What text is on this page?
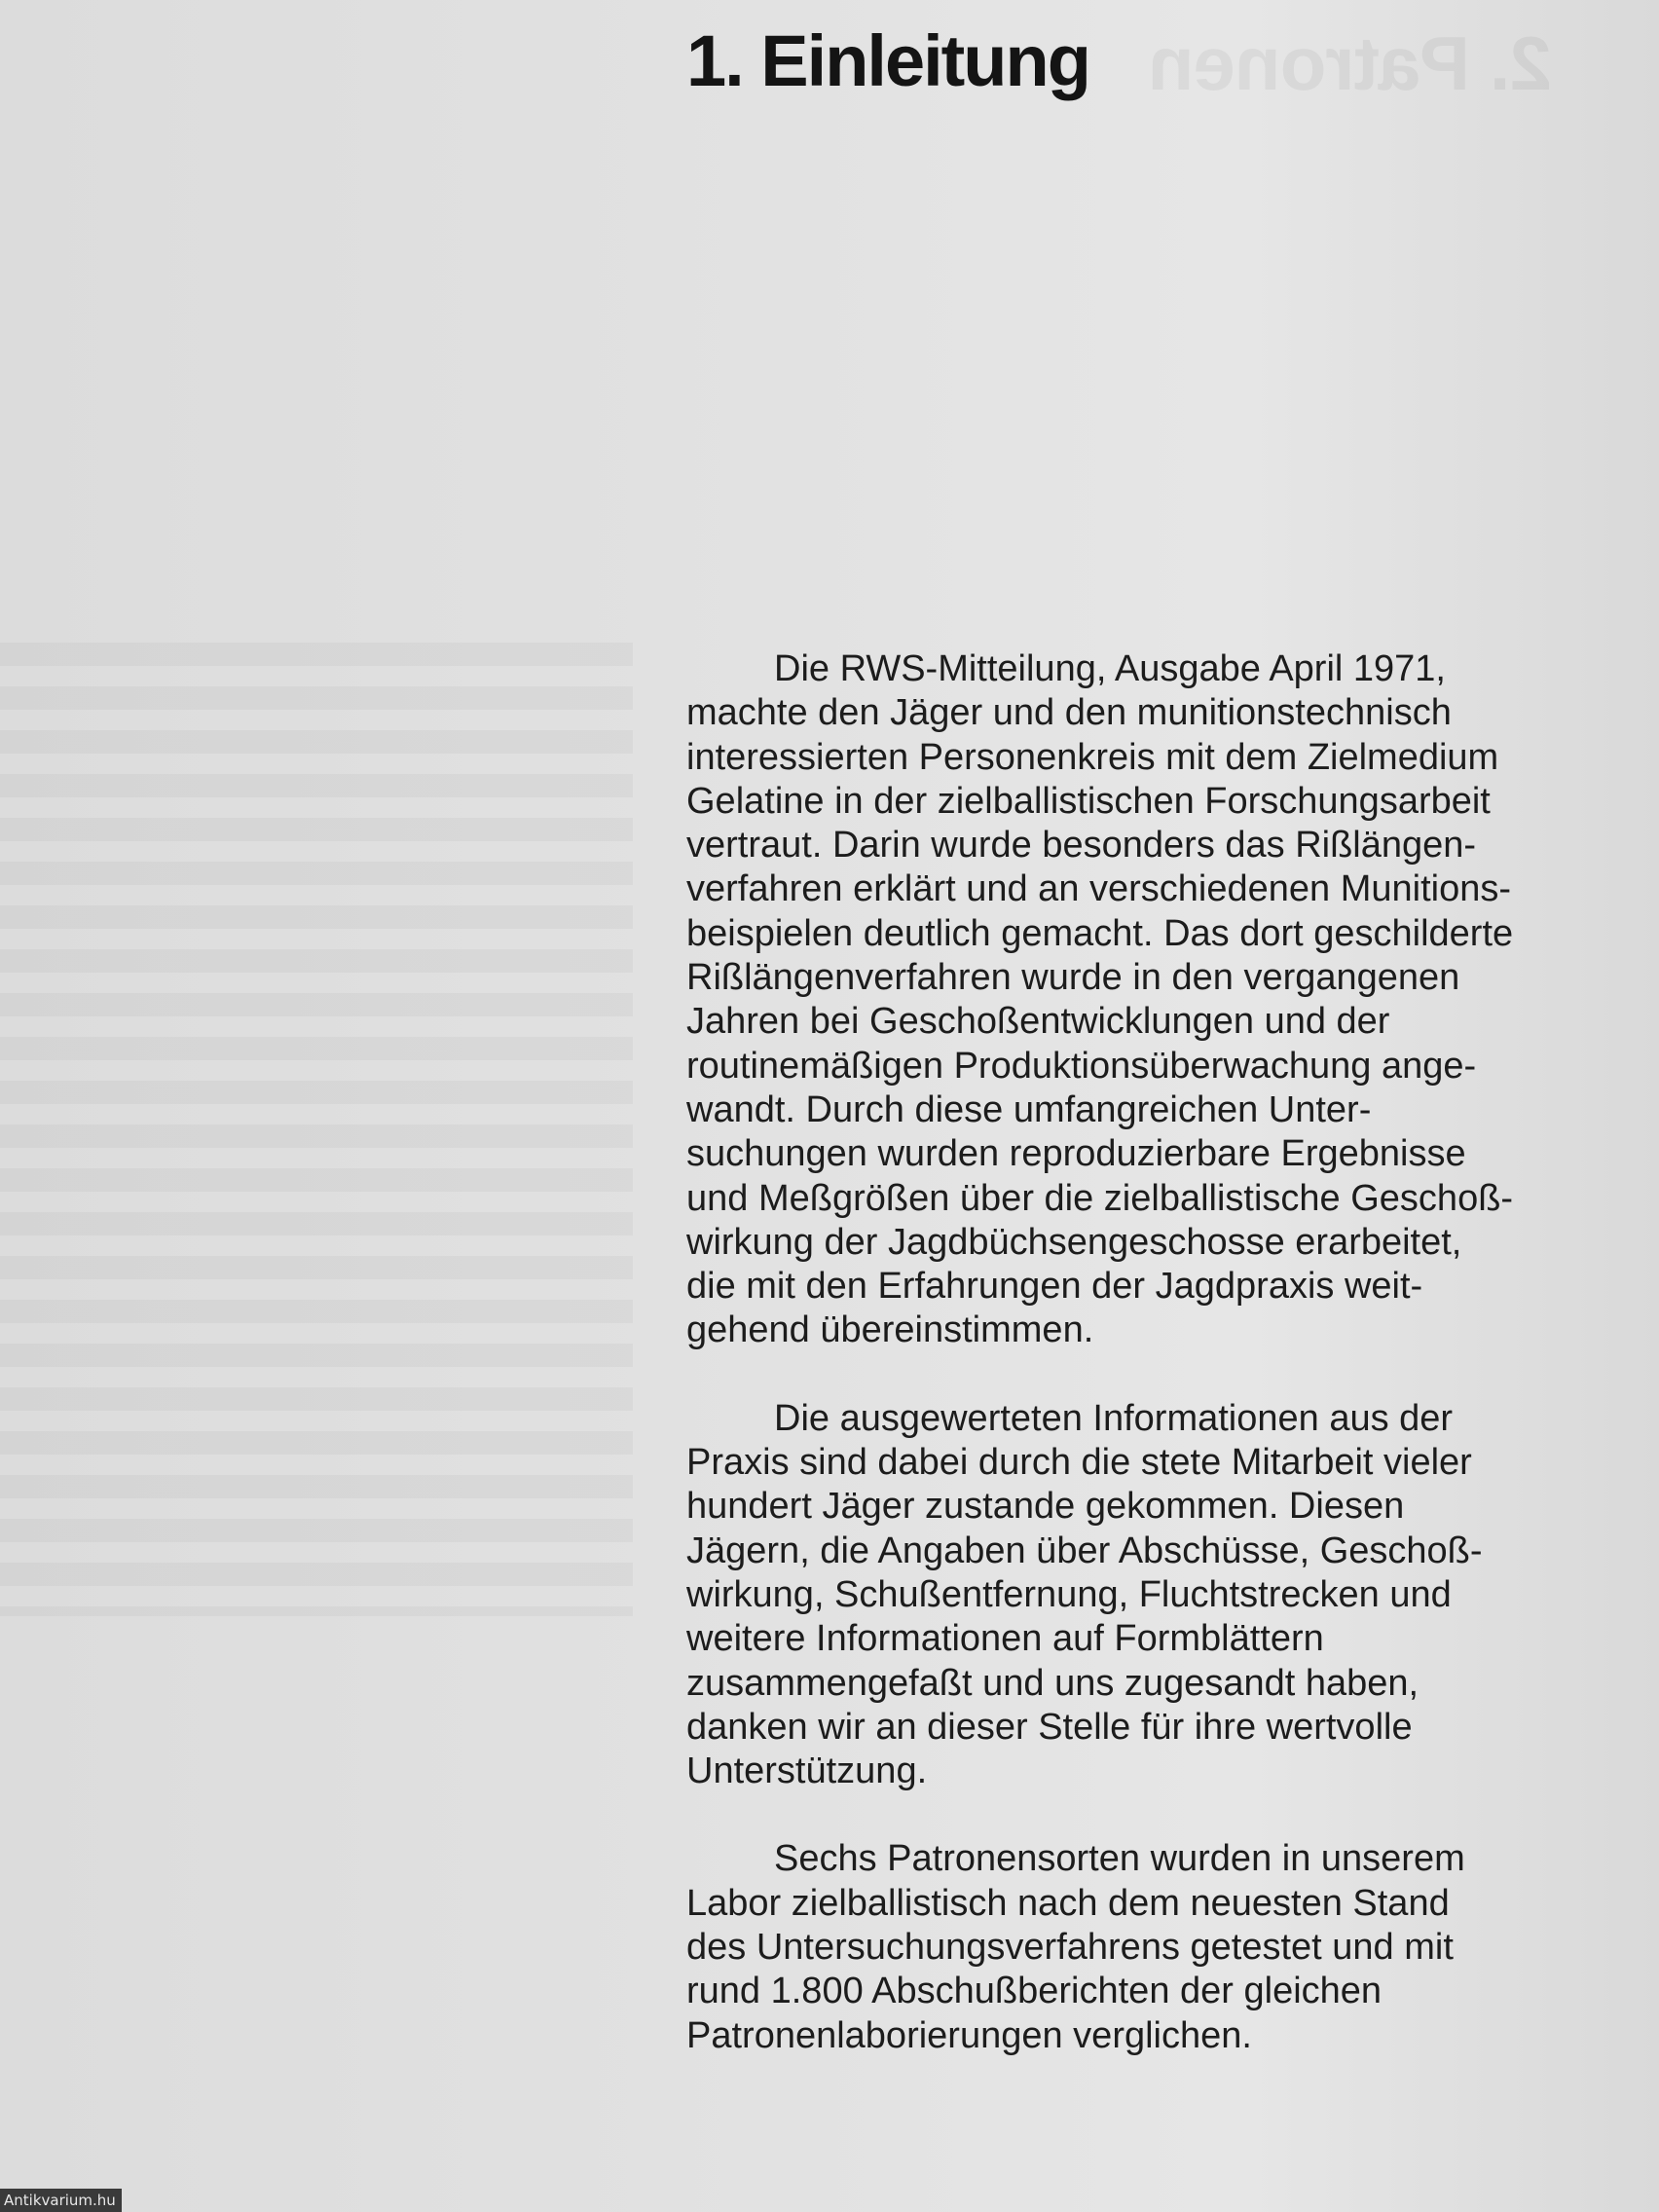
2. Patronen
1. Einleitung

Die RWS-Mitteilung, Ausgabe April 1971,
machte den Jäger und den munitionstechnisch
interessierten Personenkreis mit dem Zielmedium
Gelatine in der zielballistischen Forschungsarbeit
vertraut. Darin wurde besonders das Rißlängen-
verfahren erklärt und an verschiedenen Munitions-
beispielen deutlich gemacht. Das dort geschilderte
Rißlängenverfahren wurde in den vergangenen
Jahren bei Geschoßentwicklungen und der
routinemäßigen Produktionsüberwachung ange-
wandt. Durch diese umfangreichen Unter-
suchungen wurden reproduzierbare Ergebnisse
und Meßgrößen über die zielballistische Geschoß-
wirkung der Jagdbüchsengeschosse erarbeitet,
die mit den Erfahrungen der Jagdpraxis weit-
gehend übereinstimmen.

Die ausgewerteten Informationen aus der
Praxis sind dabei durch die stete Mitarbeit vieler
hundert Jäger zustande gekommen. Diesen
Jägern, die Angaben über Abschüsse, Geschoß-
wirkung, Schußentfernung, Fluchtstrecken und
weitere Informationen auf Formblättern
zusammengefaßt und uns zugesandt haben,
danken wir an dieser Stelle für ihre wertvolle
Unterstützung.

Sechs Patronensorten wurden in unserem
Labor zielballistisch nach dem neuesten Stand
des Untersuchungsverfahrens getestet und mit
rund 1.800 Abschußberichten der gleichen
Patronenlaborierungen verglichen.

Antikvarium.hu
